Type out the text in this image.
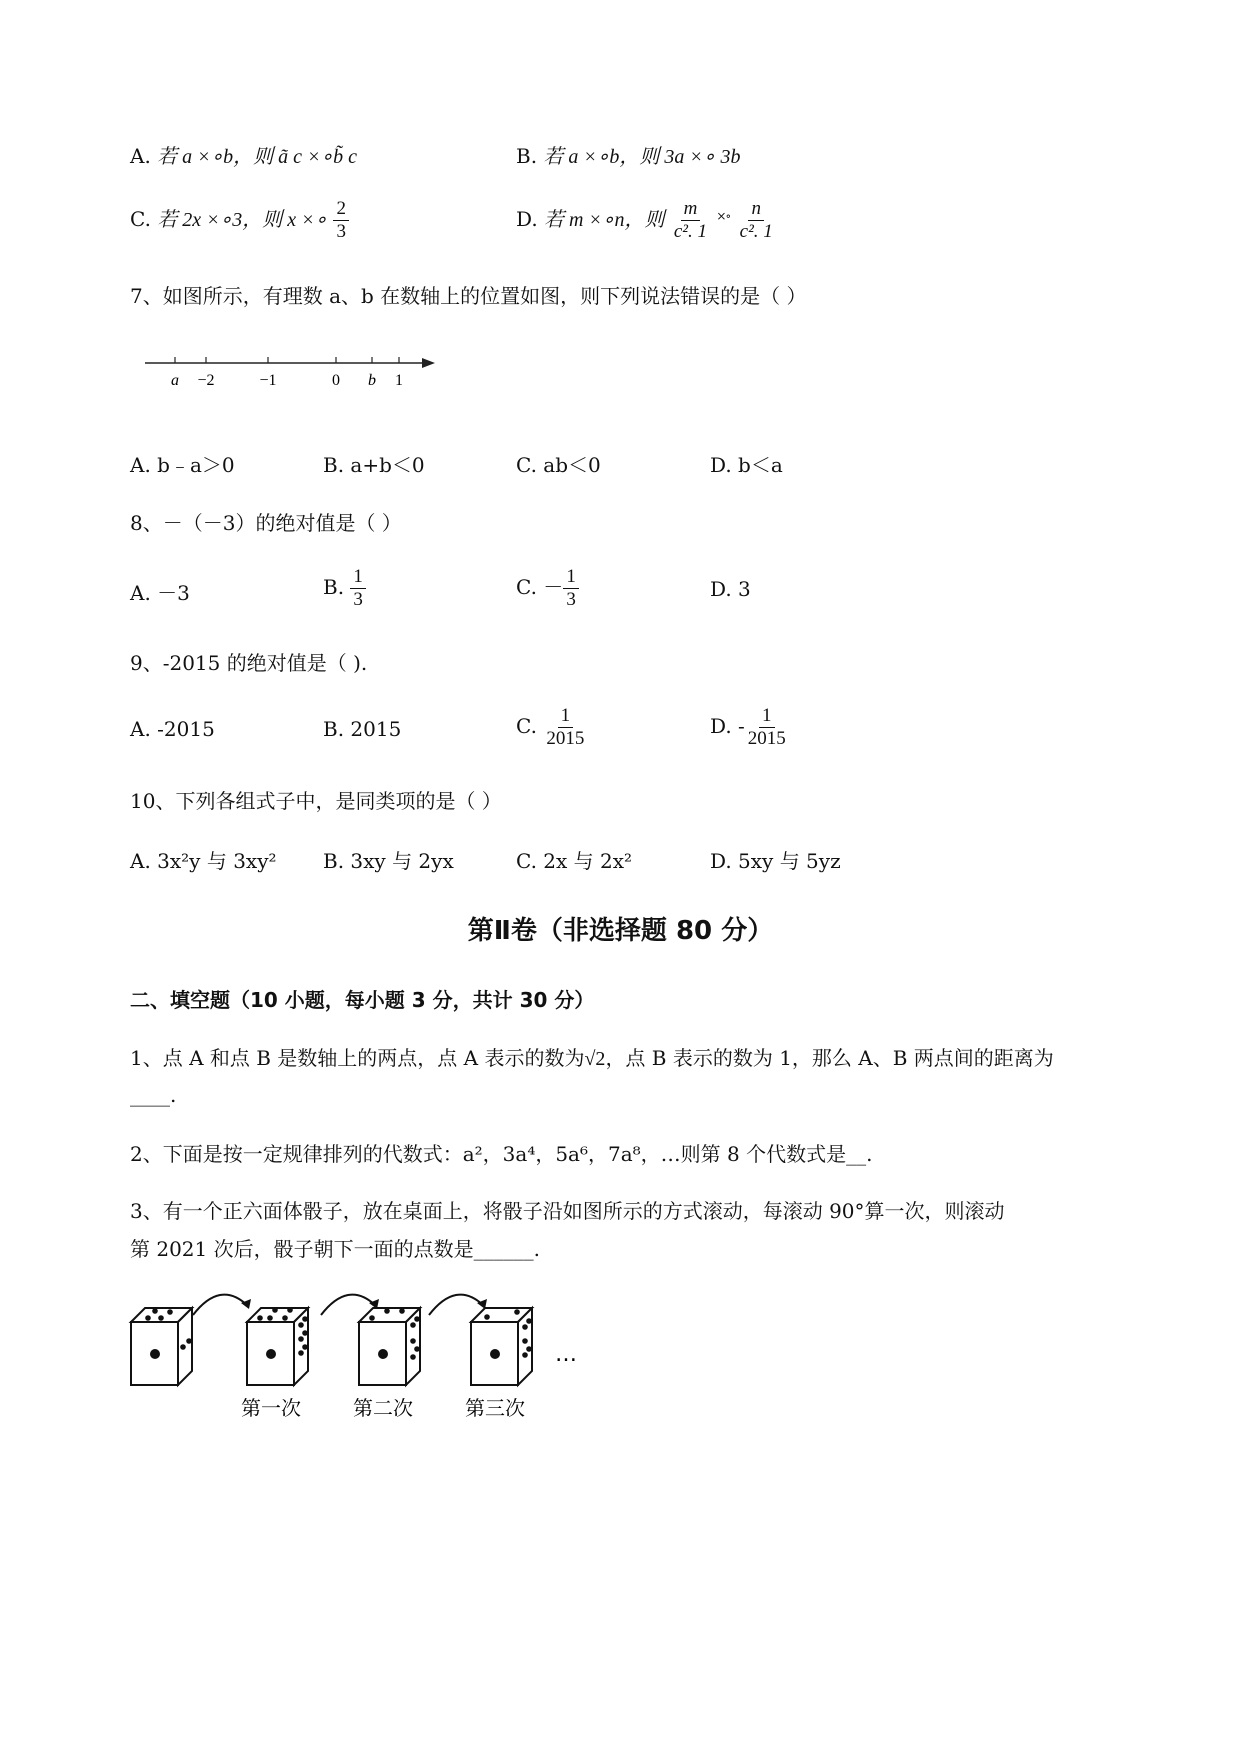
A. 若 a ×∘b，则 ã c ×∘b̃ c	B. 若 a ×∘b，则 3a ×∘ 3b
C. 若 2x ×∘3，则 x ×∘ $\frac{2}{3}$	D. 若 m ×∘n，则 $\frac{m}{\text{c². 1}} ^{\times\circ} \frac{n}{\text{c². 1}}$
7、如图所示，有理数 a、b 在数轴上的位置如图，则下列说法错误的是（ ）
a −2	−1	0 b 1
A. b﹣a＞0	B. a+b＜0	C. ab＜0	D. b＜a
8、－（－3）的绝对值是（ ）
A. －3	B. $\frac{1}{3}$	C. － $\frac{1}{3}$	D. 3
9、-2015 的绝对值是（ ).
A. -2015	B. 2015	C. $\frac{1}{2015}$	D. - $\frac{1}{2015}$
10、下列各组式子中，是同类项的是（ ）
A. 3x²y 与 3xy² B. 3xy 与 2yx	C. 2x 与 2x²	D. 5xy 与 5yz
第Ⅱ卷（非选择题 80 分）
二、填空题（10 小题，每小题 3 分，共计 30 分）
1、点 A 和点 B 是数轴上的两点，点 A 表示的数为√2，点 B 表示的数为 1，那么 A、B 两点间的距离为
____.
2、下面是按一定规律排列的代数式：a²，3a⁴，5a⁶，7a⁸，…则第 8 个代数式是__.
3、有一个正六面体骰子，放在桌面上，将骰子沿如图所示的方式滚动，每滚动 90°算一次，则滚动
第 2021 次后，骰子朝下一面的点数是______.
…
第一次	第二次	第三次
